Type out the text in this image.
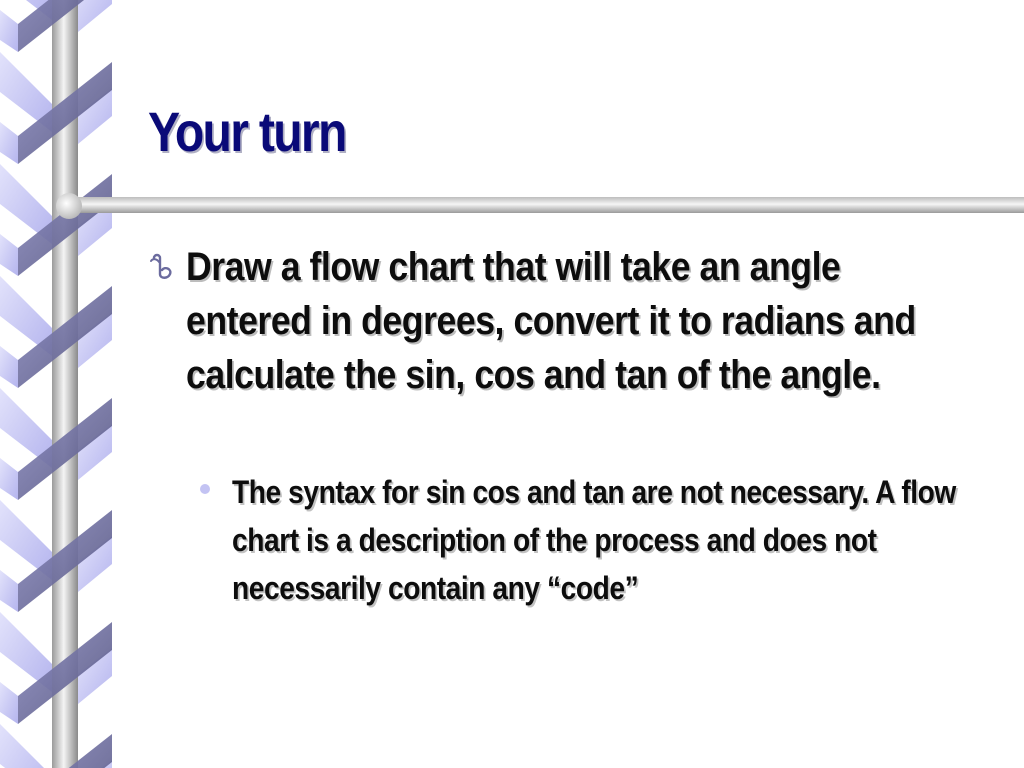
Your turn

Draw a flow chart that will take an angle entered in degrees, convert it to radians and calculate the sin, cos and tan of the angle.

The syntax for sin cos and tan are not necessary. A flow chart is a description of the process and does not necessarily contain any “code”
